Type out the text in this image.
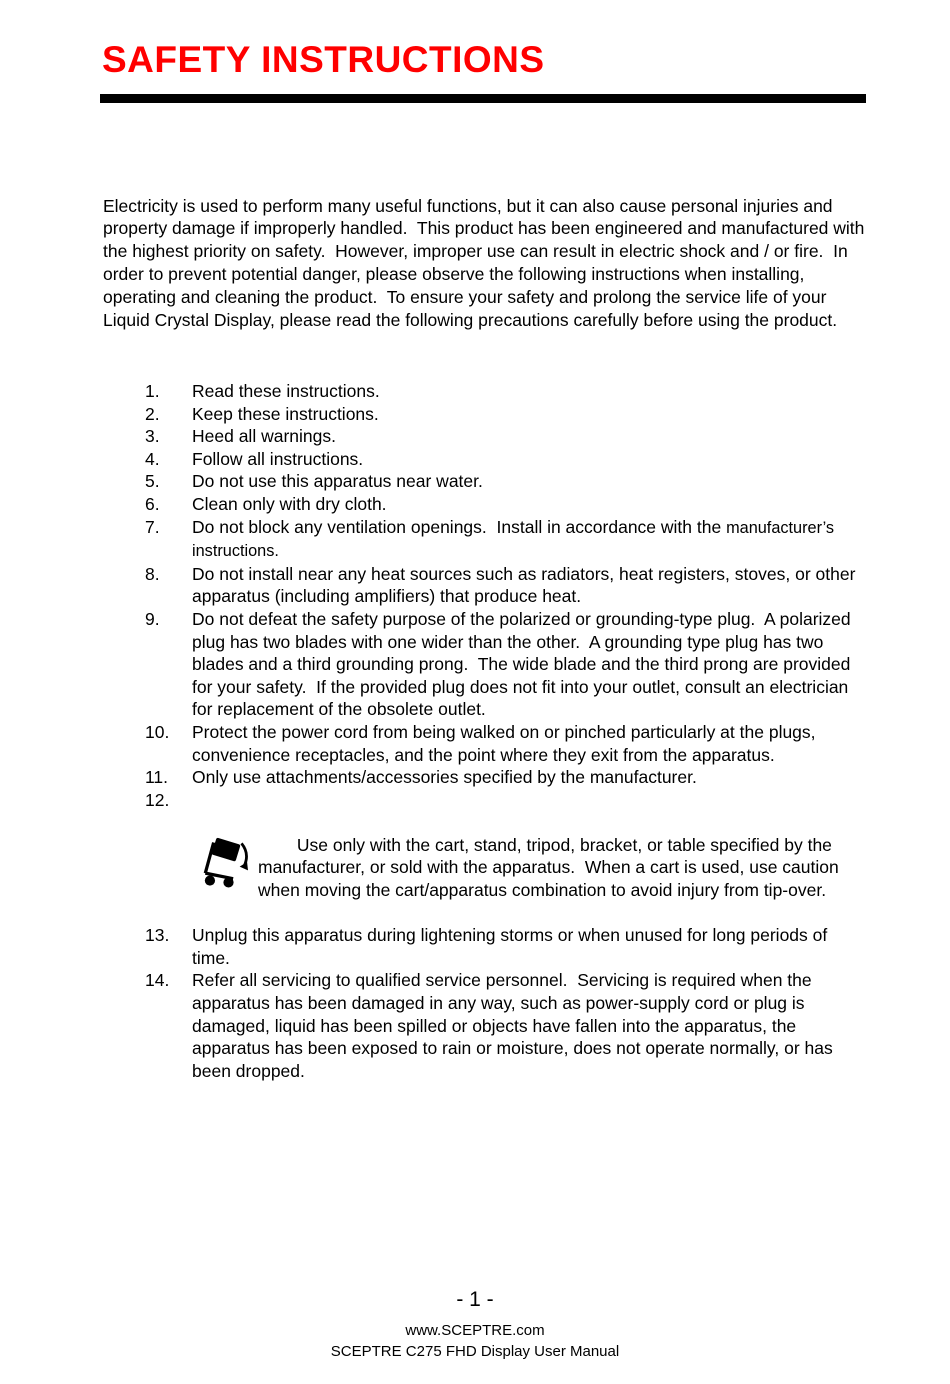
SAFETY INSTRUCTIONS

Electricity is used to perform many useful functions, but it can also cause personal injuries and property damage if improperly handled.  This product has been engineered and manufactured with the highest priority on safety.  However, improper use can result in electric shock and / or fire.  In order to prevent potential danger, please observe the following instructions when installing, operating and cleaning the product.  To ensure your safety and prolong the service life of your Liquid Crystal Display, please read the following precautions carefully before using the product.

1.	Read these instructions.
2.	Keep these instructions.
3.	Heed all warnings.
4.	Follow all instructions.
5.	Do not use this apparatus near water.
6.	Clean only with dry cloth.
7.	Do not block any ventilation openings.  Install in accordance with the manufacturer’s instructions.
8.	Do not install near any heat sources such as radiators, heat registers, stoves, or other apparatus (including amplifiers) that produce heat.
9.	Do not defeat the safety purpose of the polarized or grounding-type plug.  A polarized plug has two blades with one wider than the other.  A grounding type plug has two blades and a third grounding prong.  The wide blade and the third prong are provided for your safety.  If the provided plug does not fit into your outlet, consult an electrician for replacement of the obsolete outlet.
10.	Protect the power cord from being walked on or pinched particularly at the plugs, convenience receptacles, and the point where they exit from the apparatus.
11.	Only use attachments/accessories specified by the manufacturer.
12.

Use only with the cart, stand, tripod, bracket, or table specified by the manufacturer, or sold with the apparatus.  When a cart is used, use caution when moving the cart/apparatus combination to avoid injury from tip-over.

13.	Unplug this apparatus during lightening storms or when unused for long periods of time.
14.	Refer all servicing to qualified service personnel.  Servicing is required when the apparatus has been damaged in any way, such as power-supply cord or plug is damaged, liquid has been spilled or objects have fallen into the apparatus, the apparatus has been exposed to rain or moisture, does not operate normally, or has been dropped.
- 1 -
www.SCEPTRE.com
SCEPTRE C275 FHD Display User Manual
